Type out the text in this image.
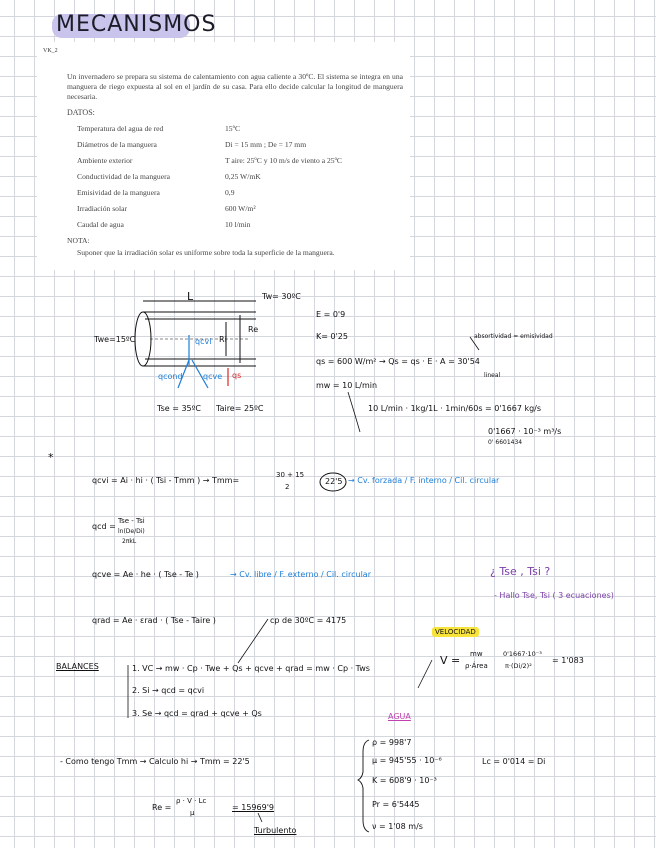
MECANISMOS
VK_2
Un invernadero se prepara su sistema de calentamiento con agua caliente a 30ºC. El sistema se integra en una manguera de riego expuesta al sol en el jardín de su casa. Para ello decide calcular la longitud de manguera necesaria.
DATOS:
Temperatura del agua de red	15ºC
Diámetros de la manguera	Di = 15 mm ; De = 17 mm
Ambiente exterior	T aire: 25ºC y 10 m/s de viento a 25ºC
Conductividad de la manguera	0,25 W/mK
Emisividad de la manguera	0,9
Irradiación solar	600 W/m²
Caudal de agua	10 l/min
NOTA:
Suponer que la irradiación solar es uniforme sobre toda la superficie de la manguera.
L	Tw= 30ºC
Twe=15ºC	qcvi
qcond	qcve qs
Ri
Re
Tse = 35ºC Taire= 25ºC
E = 0'9
K= 0'25	absortividad = emisividad
qs = 600 W/m² → Qs = qs · E · A = 30'54
lineal
mw = 10 L/min
10 L/min · 1kg/1L · 1min/60s = 0'1667 kg/s
0'1667 · 10⁻³ m³/s
0' 6601434
*
qcvi = Ai · hi · ( Tsi - Tmm ) → Tmm=
30 + 15
2
22'5 → Cv. forzada / F. interno / Cil. circular
qcd =
Tse - Tsi
ln(De/Di)
2πkL
qcve = Ae · he · ( Tse - Te )	→ Cv. libre / F. externo / Cil. circular	¿ Tse , Tsi ?
- Hallo Tse, Tsi ( 3 ecuaciones)
qrad = Ae · εrad · ( Tse - Taire )	cp de 30ºC = 4175
VELOCIDAD
V = mw
ρ·Área
0'1667·10⁻³
π·(Di/2)²
= 1'083
BALANCES	1. VC → mw · Cp · Twe + Qs + qcve + qrad = mw · Cp · Tws
2. Si → qcd = qcvi
3. Se → qcd = qrad + qcve + Qs	AGUA
- Como tengo Tmm → Calculo hi → Tmm = 22'5
ρ = 998'7
μ = 945'55 · 10⁻⁶
K = 608'9 · 10⁻³
Pr = 6'5445
ν = 1'08 m/s
Lc = 0'014 = Di
Re =
ρ · V · Lc
μ
= 15969'9
Turbulento
